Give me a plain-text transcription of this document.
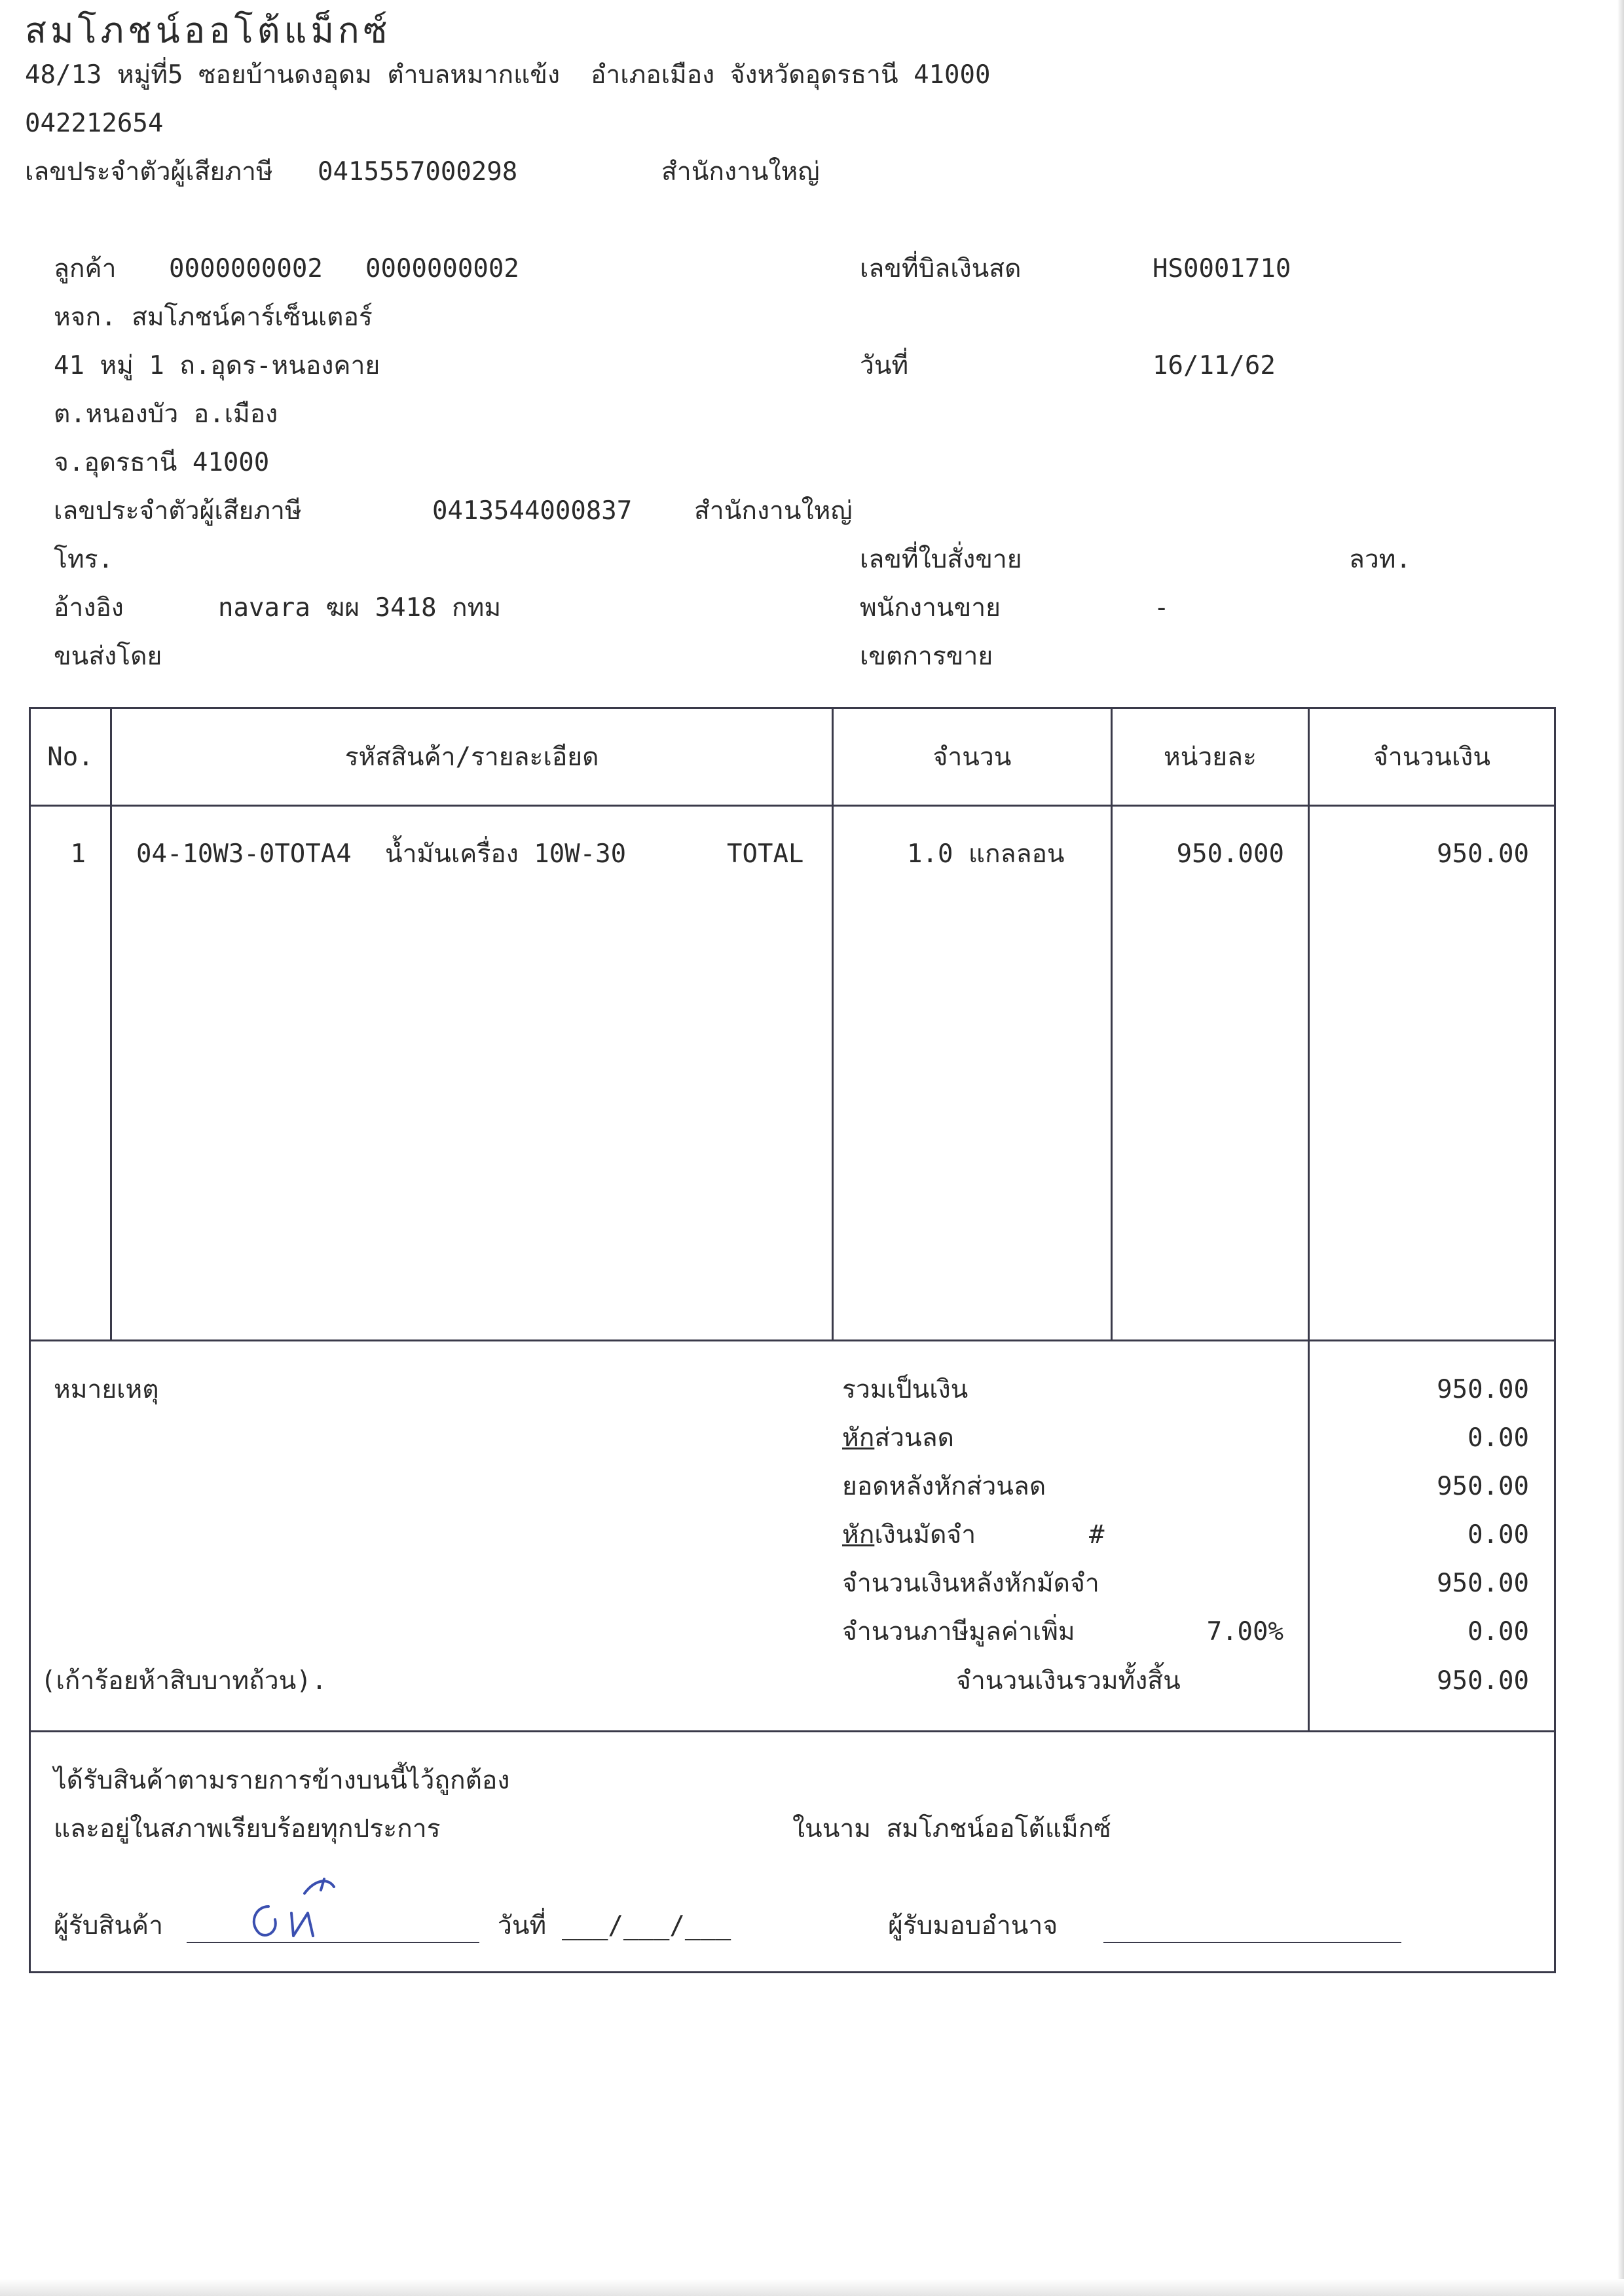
สมโภชน์ออโต้แม็กซ์
48/13 หมู่ที่5 ซอยบ้านดงอุดม ตำบลหมากแข้ง  อำเภอเมือง จังหวัดอุดรธานี 41000
042212654
เลขประจำตัวผู้เสียภาษี 0415557000298	สำนักงานใหญ่
ลูกค้า 0000000002 0000000002
หจก. สมโภชน์คาร์เซ็นเตอร์
41 หมู่ 1 ถ.อุดร-หนองคาย
ต.หนองบัว อ.เมือง
จ.อุดรธานี 41000
เลขประจำตัวผู้เสียภาษี	0413544000837 สำนักงานใหญ่
โทร.
อ้างอิง	navara ฆผ 3418 กทม
ขนส่งโดย
เลขที่บิลเงินสด	HS0001710
วันที่	16/11/62
เลขที่ใบสั่งขาย	ลวท.
พนักงานขาย	-
เขตการขาย
No.	รหัสสินค้า/รายละเอียด	จำนวน	หน่วยละ	จำนวนเงิน
1 04-10W3-0TOTA4 น้ำมันเครื่อง 10W-30	TOTAL	1.0 แกลลอน	950.000	950.00
หมายเหตุ
(เก้าร้อยห้าสิบบาทถ้วน).
รวมเป็นเงิน	950.00
หักส่วนลด	0.00
ยอดหลังหักส่วนลด	950.00
หักเงินมัดจำ	#	0.00
จำนวนเงินหลังหักมัดจำ	950.00
จำนวนภาษีมูลค่าเพิ่ม	7.00%	0.00
จำนวนเงินรวมทั้งสิ้น	950.00
ได้รับสินค้าตามรายการข้างบนนี้ไว้ถูกต้อง
และอยู่ในสภาพเรียบร้อยทุกประการ	ในนาม สมโภชน์ออโต้แม็กซ์
ผู้รับสินค้า	วันที่ ___/___/___	ผู้รับมอบอำนาจ
